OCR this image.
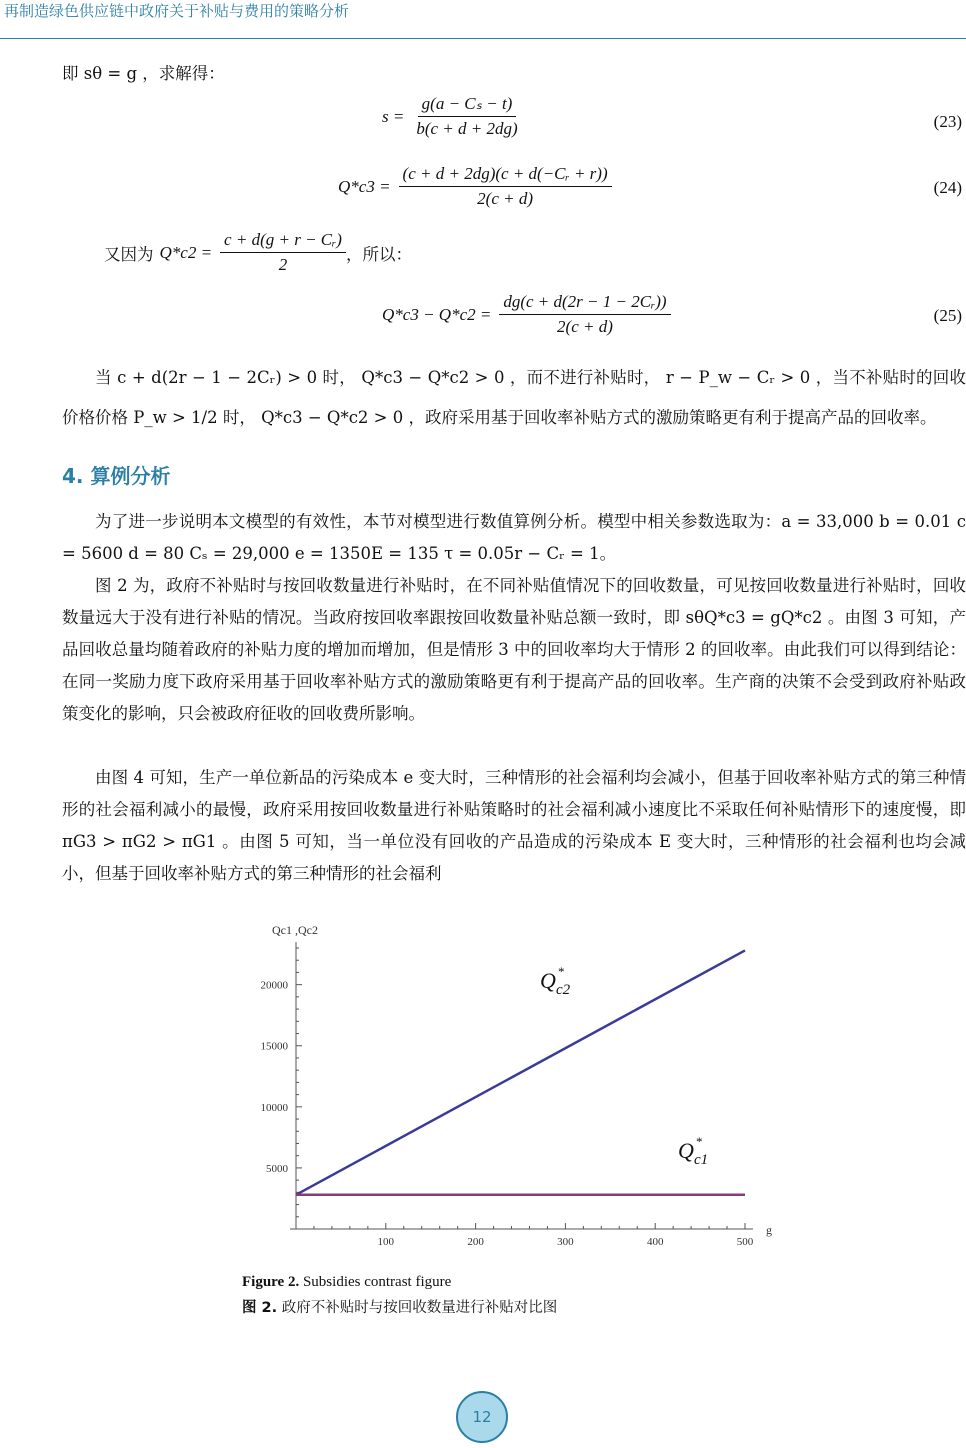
再制造绿色供应链中政府关于补贴与费用的策略分析
即 sθ = g ，求解得：
$s = \frac{\text{g(a − Cₛ − t)}}{b(c + d + 2dg)}$	(23)
$Q*c3 = \frac{\text{(c + d + 2dg)(c + d(−Cᵣ + r))}}{2(c + d)}$	(24)
又因为 $Q*c2 = \frac{\text{c + d(g + r − Cᵣ)}}{2}$ ，所以：
$Q*c3 - Q*c2 = \frac{\text{dg(c + d(2r − 1 − 2Cᵣ))}}{2(c + d)}$	(25)
当 c + d(2r − 1 − 2Cᵣ) > 0 时， Q*c3 − Q*c2 > 0 ，而不进行补贴时， r − P_w − Cᵣ > 0 ，当不补贴时的回收价格价格 P_w > 1/2 时， Q*c3 − Q*c2 > 0 ，政府采用基于回收率补贴方式的激励策略更有利于提高产品的回收率。
4. 算例分析
为了进一步说明本文模型的有效性，本节对模型进行数值算例分析。模型中相关参数选取为：a = 33,000 b = 0.01 c = 5600 d = 80 Cₛ = 29,000 e = 1350E = 135 τ = 0.05r − Cᵣ = 1。
图 2 为，政府不补贴时与按回收数量进行补贴时，在不同补贴值情况下的回收数量，可见按回收数量进行补贴时，回收数量远大于没有进行补贴的情况。当政府按回收率跟按回收数量补贴总额一致时，即 sθQ*c3 = gQ*c2 。由图 3 可知，产品回收总量均随着政府的补贴力度的增加而增加，但是情形 3 中的回收率均大于情形 2 的回收率。由此我们可以得到结论：在同一奖励力度下政府采用基于回收率补贴方式的激励策略更有利于提高产品的回收率。生产商的决策不会受到政府补贴政策变化的影响，只会被政府征收的回收费所影响。
由图 4 可知，生产一单位新品的污染成本 e 变大时，三种情形的社会福利均会减小，但基于回收率补贴方式的第三种情形的社会福利减小的最慢，政府采用按回收数量进行补贴策略时的社会福利减小速度比不采取任何补贴情形下的速度慢，即 πG3 > πG2 > πG1 。由图 5 可知，当一单位没有回收的产品造成的污染成本 E 变大时，三种情形的社会福利也均会减小，但基于回收率补贴方式的第三种情形的社会福利
100	200	300	400	500
5000
10000
15000
20000
Qc1 ,Qc2
g
Q c2
*
Q c1
*
Figure 2. Subsidies contrast figure
图 2. 政府不补贴时与按回收数量进行补贴对比图
12
